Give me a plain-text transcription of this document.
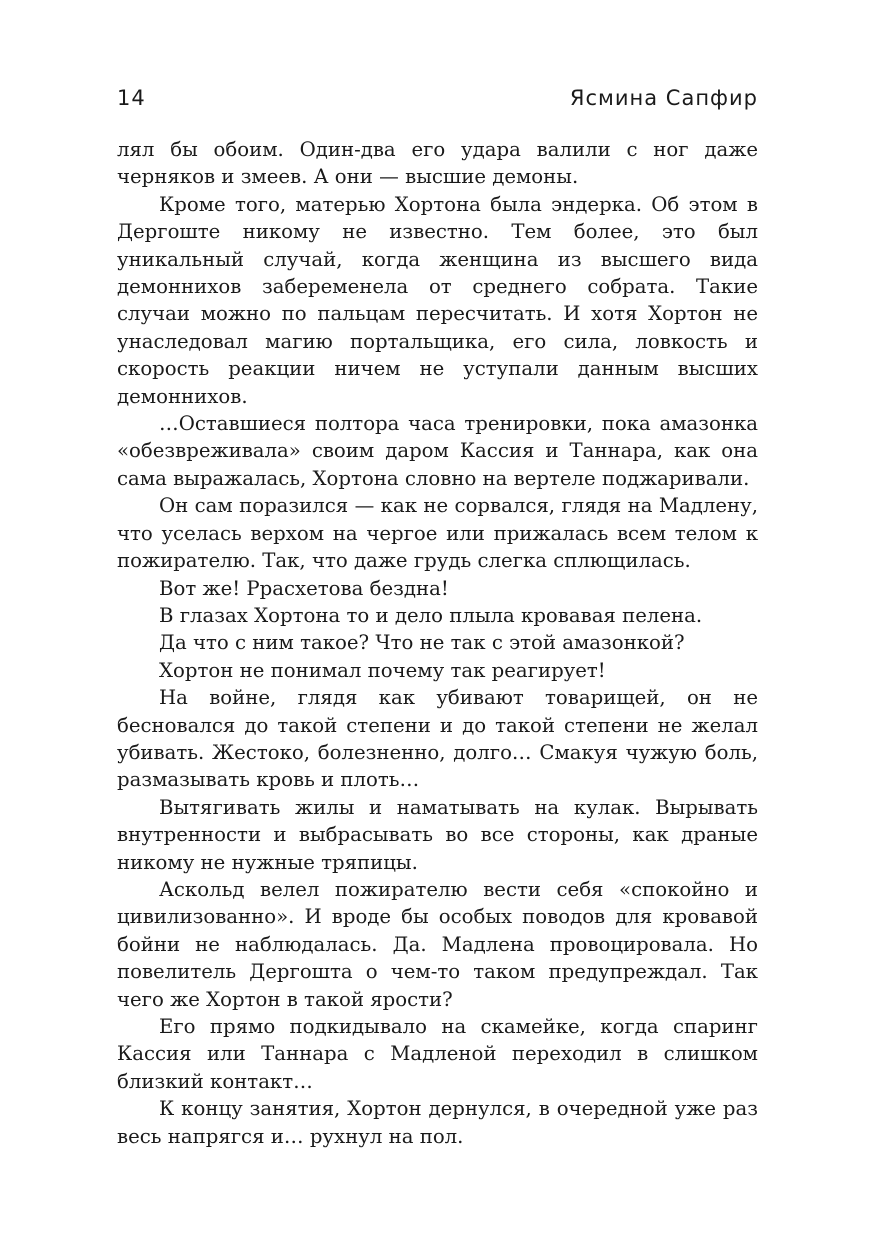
14	Ясмина Сапфир

лял бы обоим. Один-два его удара валили с ног даже черняков и змеев. А они — высшие демоны.

Кроме того, матерью Хортона была эндерка. Об этом в Дергоште никому не известно. Тем более, это был уникальный случай, когда женщина из высшего вида демоннихов забеременела от среднего собрата. Такие случаи можно по пальцам пересчитать. И хотя Хортон не унаследовал магию портальщика, его сила, ловкость и скорость реакции ничем не уступали данным высших демоннихов.

…Оставшиеся полтора часа тренировки, пока амазонка «обезвреживала» своим даром Кассия и Таннара, как она сама выражалась, Хортона словно на вертеле поджаривали.

Он сам поразился — как не сорвался, глядя на Мадлену, что уселась верхом на чергое или прижалась всем телом к пожирателю. Так, что даже грудь слегка сплющилась.

Вот же! Ррасхетова бездна!

В глазах Хортона то и дело плыла кровавая пелена.

Да что с ним такое? Что не так с этой амазонкой?

Хортон не понимал почему так реагирует!

На войне, глядя как убивают товарищей, он не бесновался до такой степени и до такой степени не желал убивать. Жестоко, болезненно, долго… Смакуя чужую боль, размазывать кровь и плоть…

Вытягивать жилы и наматывать на кулак. Вырывать внутренности и выбрасывать во все стороны, как драные никому не нужные тряпицы.

Аскольд велел пожирателю вести себя «спокойно и цивилизованно». И вроде бы особых поводов для кровавой бойни не наблюдалась. Да. Мадлена провоцировала. Но повелитель Дергошта о чем-то таком предупреждал. Так чего же Хортон в такой ярости?

Его прямо подкидывало на скамейке, когда спаринг Кассия или Таннара с Мадленой переходил в слишком близкий контакт…

К концу занятия, Хортон дернулся, в очередной уже раз весь напрягся и… рухнул на пол.
